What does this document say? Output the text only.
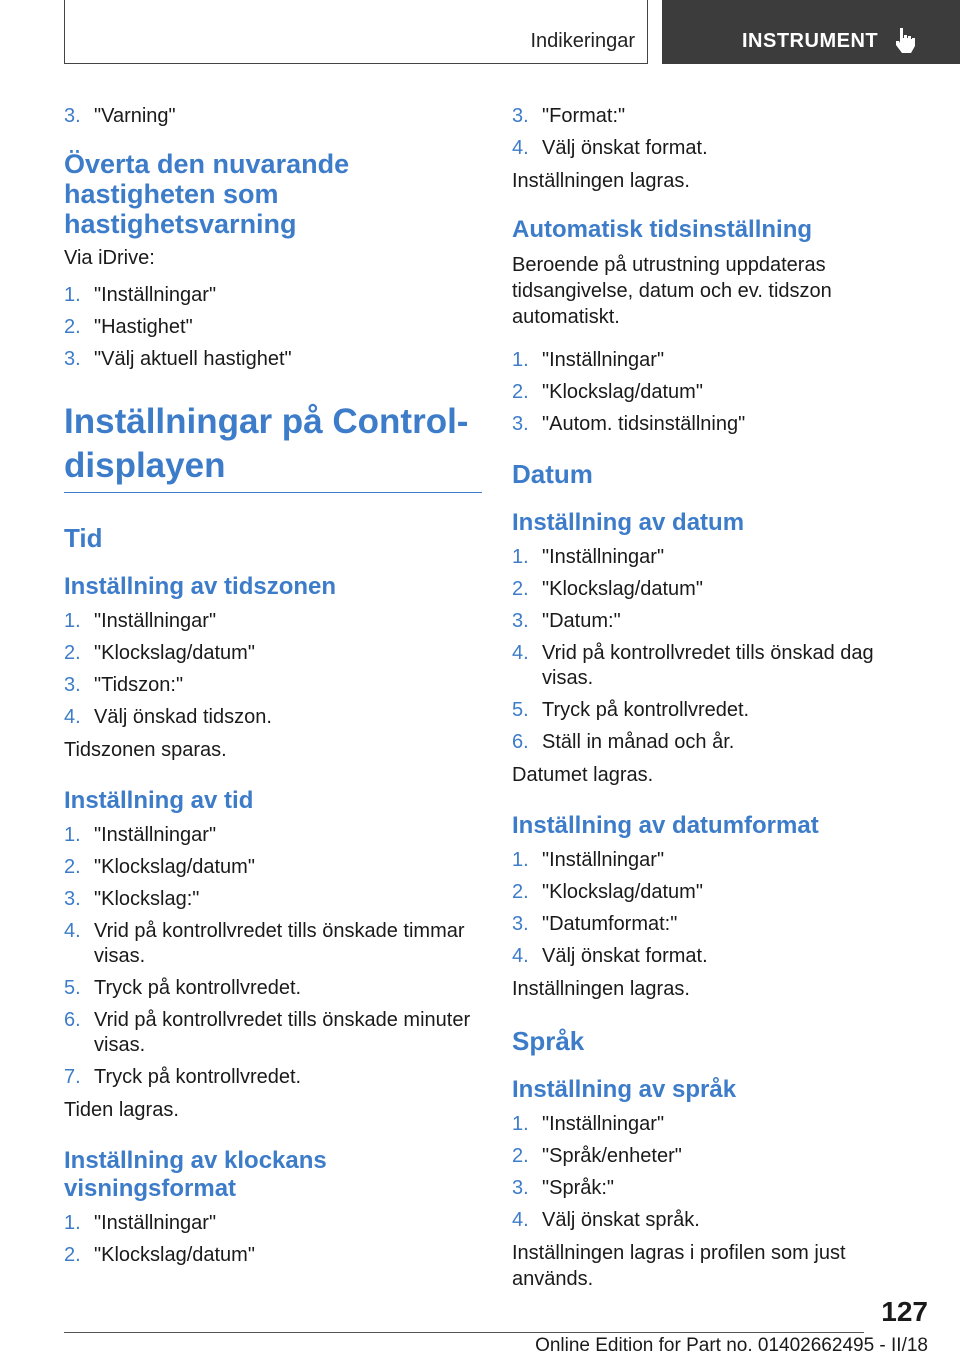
Indikeringar	INSTRUMENT
3. "Varning"
Överta den nuvarande hastigheten som hastighetsvarning
Via iDrive:
1. "Inställningar"
2. "Hastighet"
3. "Välj aktuell hastighet"
Inställningar på Control-displayen
Tid
Inställning av tidszonen
1. "Inställningar"
2. "Klockslag/datum"
3. "Tidszon:"
4. Välj önskad tidszon.
Tidszonen sparas.
Inställning av tid
1. "Inställningar"
2. "Klockslag/datum"
3. "Klockslag:"
4. Vrid på kontrollvredet tills önskade timmar visas.
5. Tryck på kontrollvredet.
6. Vrid på kontrollvredet tills önskade minuter visas.
7. Tryck på kontrollvredet.
Tiden lagras.
Inställning av klockans visningsformat
1. "Inställningar"
2. "Klockslag/datum"
3. "Format:"
4. Välj önskat format.
Inställningen lagras.
Automatisk tidsinställning
Beroende på utrustning uppdateras tidsangivelse, datum och ev. tidszon automatiskt.
1. "Inställningar"
2. "Klockslag/datum"
3. "Autom. tidsinställning"
Datum
Inställning av datum
1. "Inställningar"
2. "Klockslag/datum"
3. "Datum:"
4. Vrid på kontrollvredet tills önskad dag visas.
5. Tryck på kontrollvredet.
6. Ställ in månad och år.
Datumet lagras.
Inställning av datumformat
1. "Inställningar"
2. "Klockslag/datum"
3. "Datumformat:"
4. Välj önskat format.
Inställningen lagras.
Språk
Inställning av språk
1. "Inställningar"
2. "Språk/enheter"
3. "Språk:"
4. Välj önskat språk.
Inställningen lagras i profilen som just används.
127
Online Edition for Part no. 01402662495 - II/18
